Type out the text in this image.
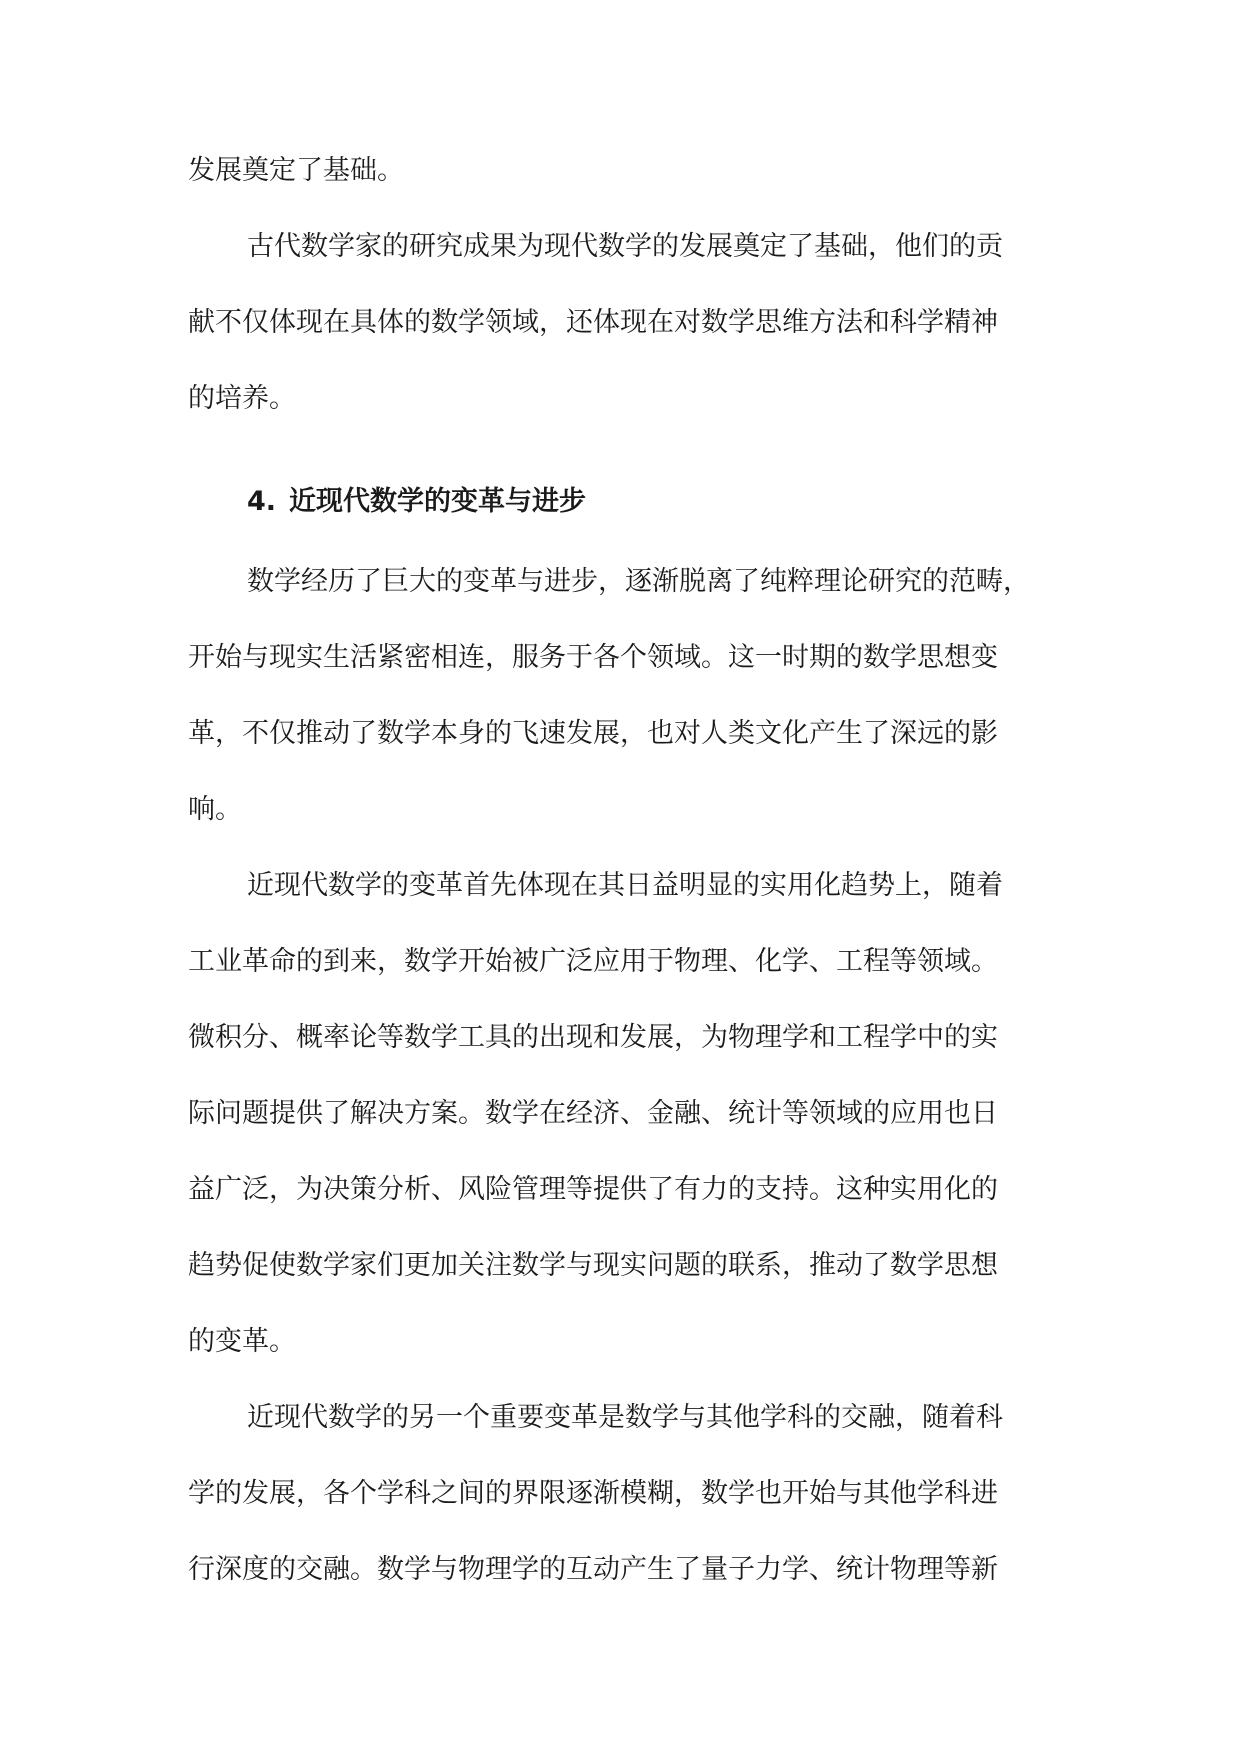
发展奠定了基础。

古代数学家的研究成果为现代数学的发展奠定了基础，他们的贡

献不仅体现在具体的数学领域，还体现在对数学思维方法和科学精神

的培养。

4. 近现代数学的变革与进步

数学经历了巨大的变革与进步，逐渐脱离了纯粹理论研究的范畴，

开始与现实生活紧密相连，服务于各个领域。这一时期的数学思想变

革，不仅推动了数学本身的飞速发展，也对人类文化产生了深远的影

响。

近现代数学的变革首先体现在其日益明显的实用化趋势上，随着

工业革命的到来，数学开始被广泛应用于物理、化学、工程等领域。

微积分、概率论等数学工具的出现和发展，为物理学和工程学中的实

际问题提供了解决方案。数学在经济、金融、统计等领域的应用也日

益广泛，为决策分析、风险管理等提供了有力的支持。这种实用化的

趋势促使数学家们更加关注数学与现实问题的联系，推动了数学思想

的变革。

近现代数学的另一个重要变革是数学与其他学科的交融，随着科

学的发展，各个学科之间的界限逐渐模糊，数学也开始与其他学科进

行深度的交融。数学与物理学的互动产生了量子力学、统计物理等新
